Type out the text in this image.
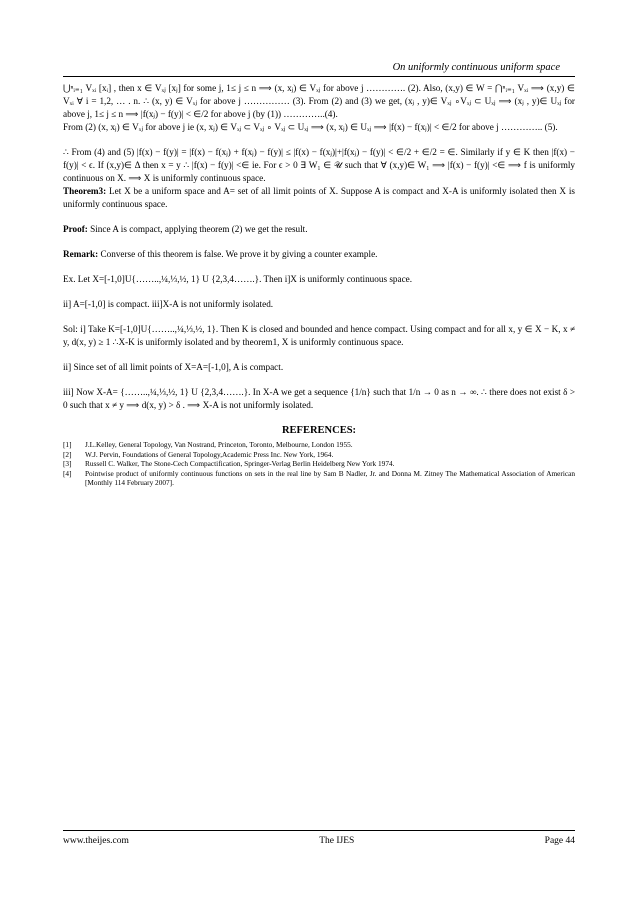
On uniformly continuous uniform space

⋃ⁿᵢ₌₁ Vₓᵢ [xᵢ] , then x ∈ Vₓⱼ [xⱼ] for some j, 1≤ j ≤ n ⟹ (x, xⱼ) ∈ Vₓⱼ for above j …………. (2). Also, (x,y) ∈ W = ⋂ⁿᵢ₌₁ Vₓᵢ ⟹ (x,y) ∈ Vₓᵢ ∀ i = 1,2, … . n. ∴ (x, y) ∈ Vₓⱼ for above j …………… (3). From (2) and (3) we get, (xⱼ , y)∈ Vₓⱼ ∘Vₓⱼ ⊂ Uₓⱼ ⟹ (xⱼ , y)∈ Uₓⱼ for above j, 1≤ j ≤ n ⟹ |f(xⱼ) − f(y)| < ∈/2 for above j (by (1)) …………..(4).

From (2) (x, xⱼ) ∈ Vₓⱼ for above j ie (x, xⱼ) ∈ Vₓⱼ ⊂ Vₓⱼ ∘ Vₓⱼ ⊂ Uₓⱼ ⟹ (x, xⱼ) ∈ Uₓⱼ ⟹ |f(x) − f(xⱼ)| < ∈/2 for above j ………….. (5).

∴ From (4) and (5) |f(x) − f(y)| = |f(x) − f(xⱼ) + f(xⱼ) − f(y)| ≤ |f(x) − f(xⱼ)|+|f(xⱼ) − f(y)| < ∈/2 + ∈/2 = ∈. Similarly if y ∈ K then |f(x) − f(y)| < ϵ. If (x,y)∈ Δ then x = y ∴ |f(x) − f(y)| <∈ ie. For ϵ > 0 ∃ W₁ ∈ 𝒰 such that ∀ (x,y)∈ W₁ ⟹ |f(x) − f(y)| <∈ ⟹ f is uniformly continuous on X. ⟹ X is uniformly continuous space.

Theorem3: Let X be a uniform space and A= set of all limit points of X. Suppose A is compact and X-A is uniformly isolated then X is uniformly continuous space.

Proof: Since A is compact, applying theorem (2) we get the result.

Remark: Converse of this theorem is false. We prove it by giving a counter example.

Ex. Let X=[-1,0]U{……..,¼,⅓,½, 1} U {2,3,4…….}. Then i]X is uniformly continuous space.

ii] A=[-1,0] is compact. iii]X-A is not uniformly isolated.

Sol: i] Take K=[-1,0]U{……..,¼,⅓,½, 1}. Then K is closed and bounded and hence compact. Using compact and for all x, y ∈ X − K, x ≠ y, d(x, y) ≥ 1 ∴X-K is uniformly isolated and by theorem1, X is uniformly continuous space.

ii] Since set of all limit points of X=A=[-1,0], A is compact.

iii] Now X-A= {……..,¼,⅓,½, 1} U {2,3,4…….}. In X-A we get a sequence {1/n} such that 1/n → 0 as n → ∞. ∴ there does not exist δ > 0 such that x ≠ y ⟹ d(x, y) > δ . ⟹ X-A is not uniformly isolated.

REFERENCES:
[1]	J.L.Kelley, General Topology, Van Nostrand, Princeton, Toronto, Melbourne, London 1955.
[2]	W.J. Pervin, Foundations of General Topology,Academic Press Inc. New York, 1964.
[3]	Russell C. Walker, The Stone-Cech Compactification, Springer-Verlag Berlin Heidelberg New York 1974.
[4]	Pointwise product of uniformly continuous functions on sets in the real line by Sam B Nadler, Jr. and Donna M. Zitney The Mathematical Association of American [Monthly 114 February 2007].
www.theijes.com	The IJES	Page 44
